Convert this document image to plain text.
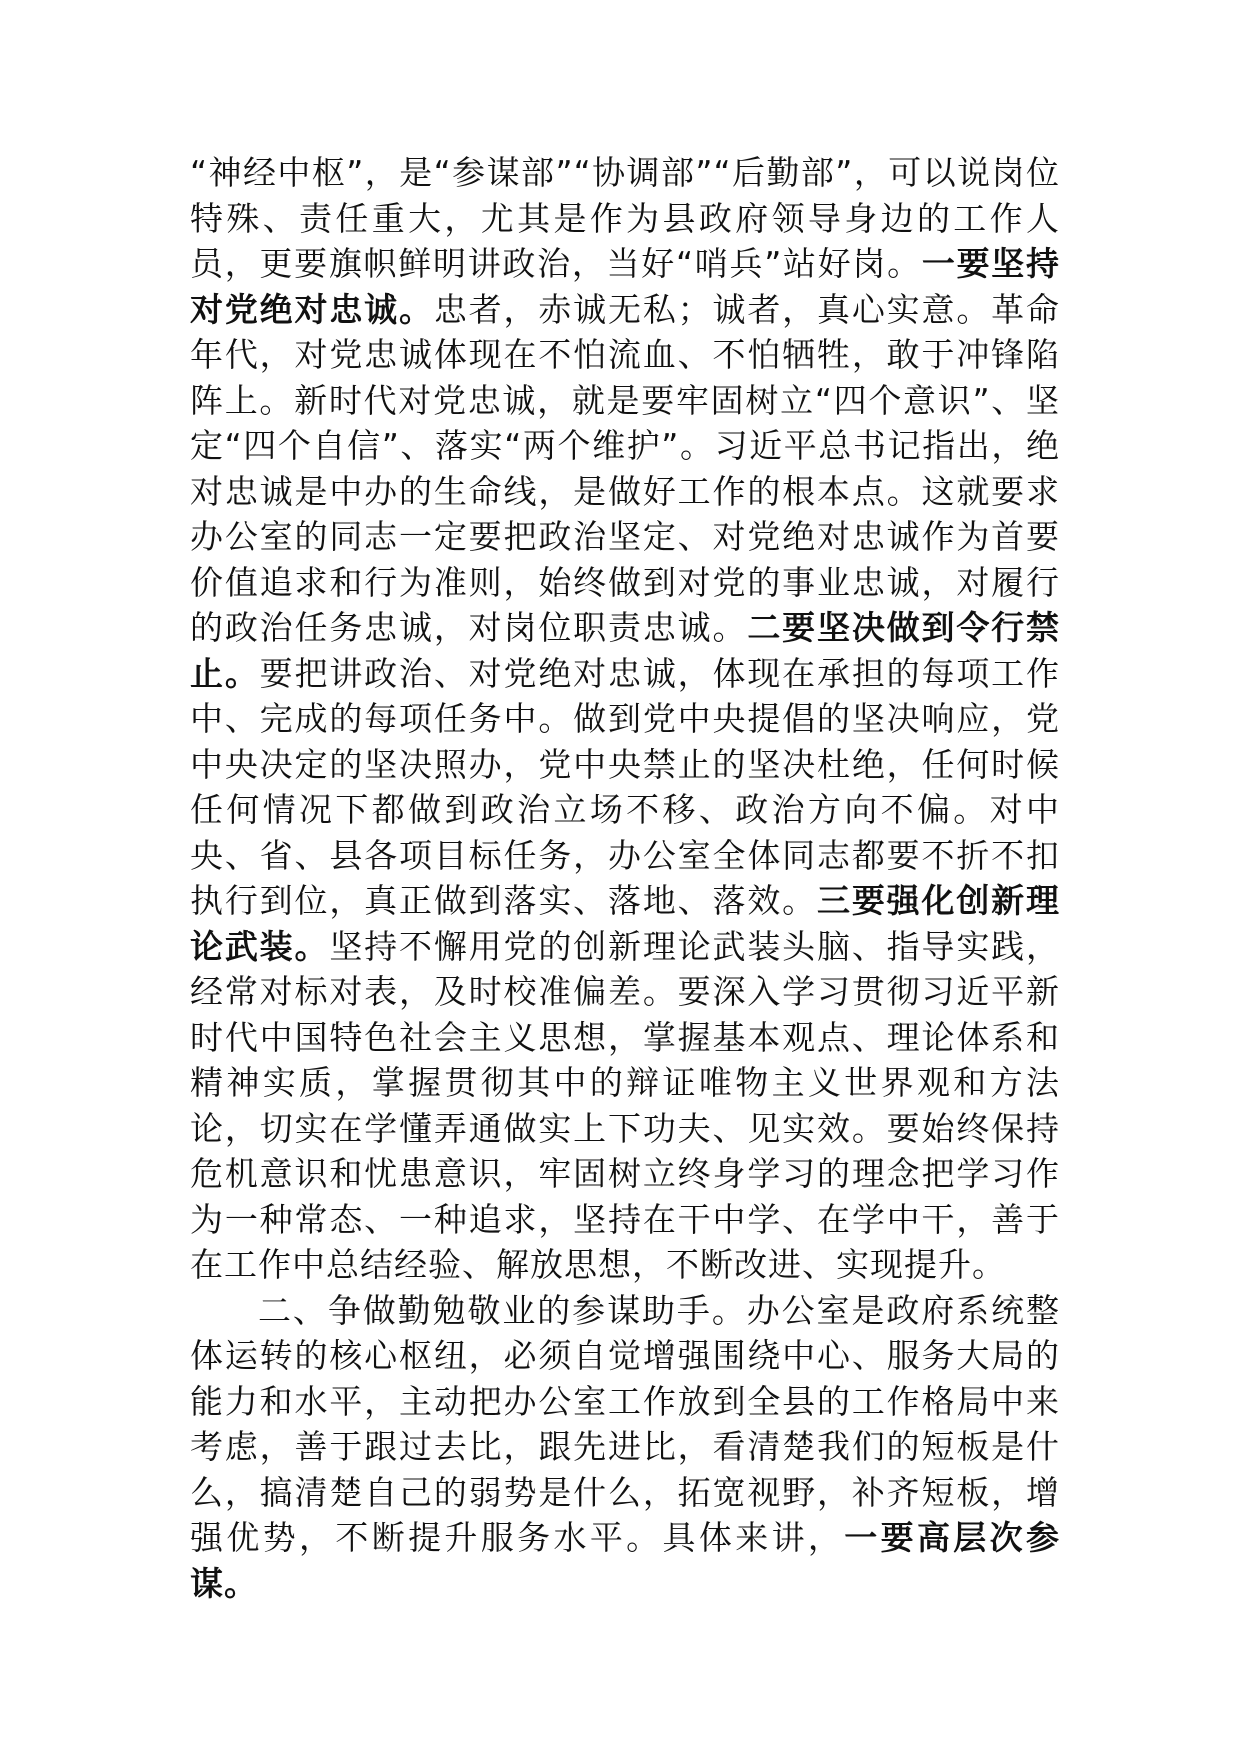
“神经中枢”，是“参谋部”“协调部”“后勤部”，可以说岗位特殊、责任重大，尤其是作为县政府领导身边的工作人员，更要旗帜鲜明讲政治，当好“哨兵”站好岗。一要坚持对党绝对忠诚。忠者，赤诚无私；诚者，真心实意。革命年代，对党忠诚体现在不怕流血、不怕牺牲，敢于冲锋陷阵上。新时代对党忠诚，就是要牢固树立“四个意识”、坚定“四个自信”、落实“两个维护”。习近平总书记指出，绝对忠诚是中办的生命线，是做好工作的根本点。这就要求办公室的同志一定要把政治坚定、对党绝对忠诚作为首要价值追求和行为准则，始终做到对党的事业忠诚，对履行的政治任务忠诚，对岗位职责忠诚。二要坚决做到令行禁止。要把讲政治、对党绝对忠诚，体现在承担的每项工作中、完成的每项任务中。做到党中央提倡的坚决响应，党中央决定的坚决照办，党中央禁止的坚决杜绝，任何时候任何情况下都做到政治立场不移、政治方向不偏。对中央、省、县各项目标任务，办公室全体同志都要不折不扣执行到位，真正做到落实、落地、落效。三要强化创新理论武装。坚持不懈用党的创新理论武装头脑、指导实践，经常对标对表，及时校准偏差。要深入学习贯彻习近平新时代中国特色社会主义思想，掌握基本观点、理论体系和精神实质，掌握贯彻其中的辩证唯物主义世界观和方法论，切实在学懂弄通做实上下功夫、见实效。要始终保持危机意识和忧患意识，牢固树立终身学习的理念把学习作为一种常态、一种追求，坚持在干中学、在学中干，善于在工作中总结经验、解放思想，不断改进、实现提升。

二、争做勤勉敬业的参谋助手。办公室是政府系统整体运转的核心枢纽，必须自觉增强围绕中心、服务大局的能力和水平，主动把办公室工作放到全县的工作格局中来考虑，善于跟过去比，跟先进比，看清楚我们的短板是什么，搞清楚自己的弱势是什么，拓宽视野，补齐短板，增强优势，不断提升服务水平。具体来讲，一要高层次参谋。
